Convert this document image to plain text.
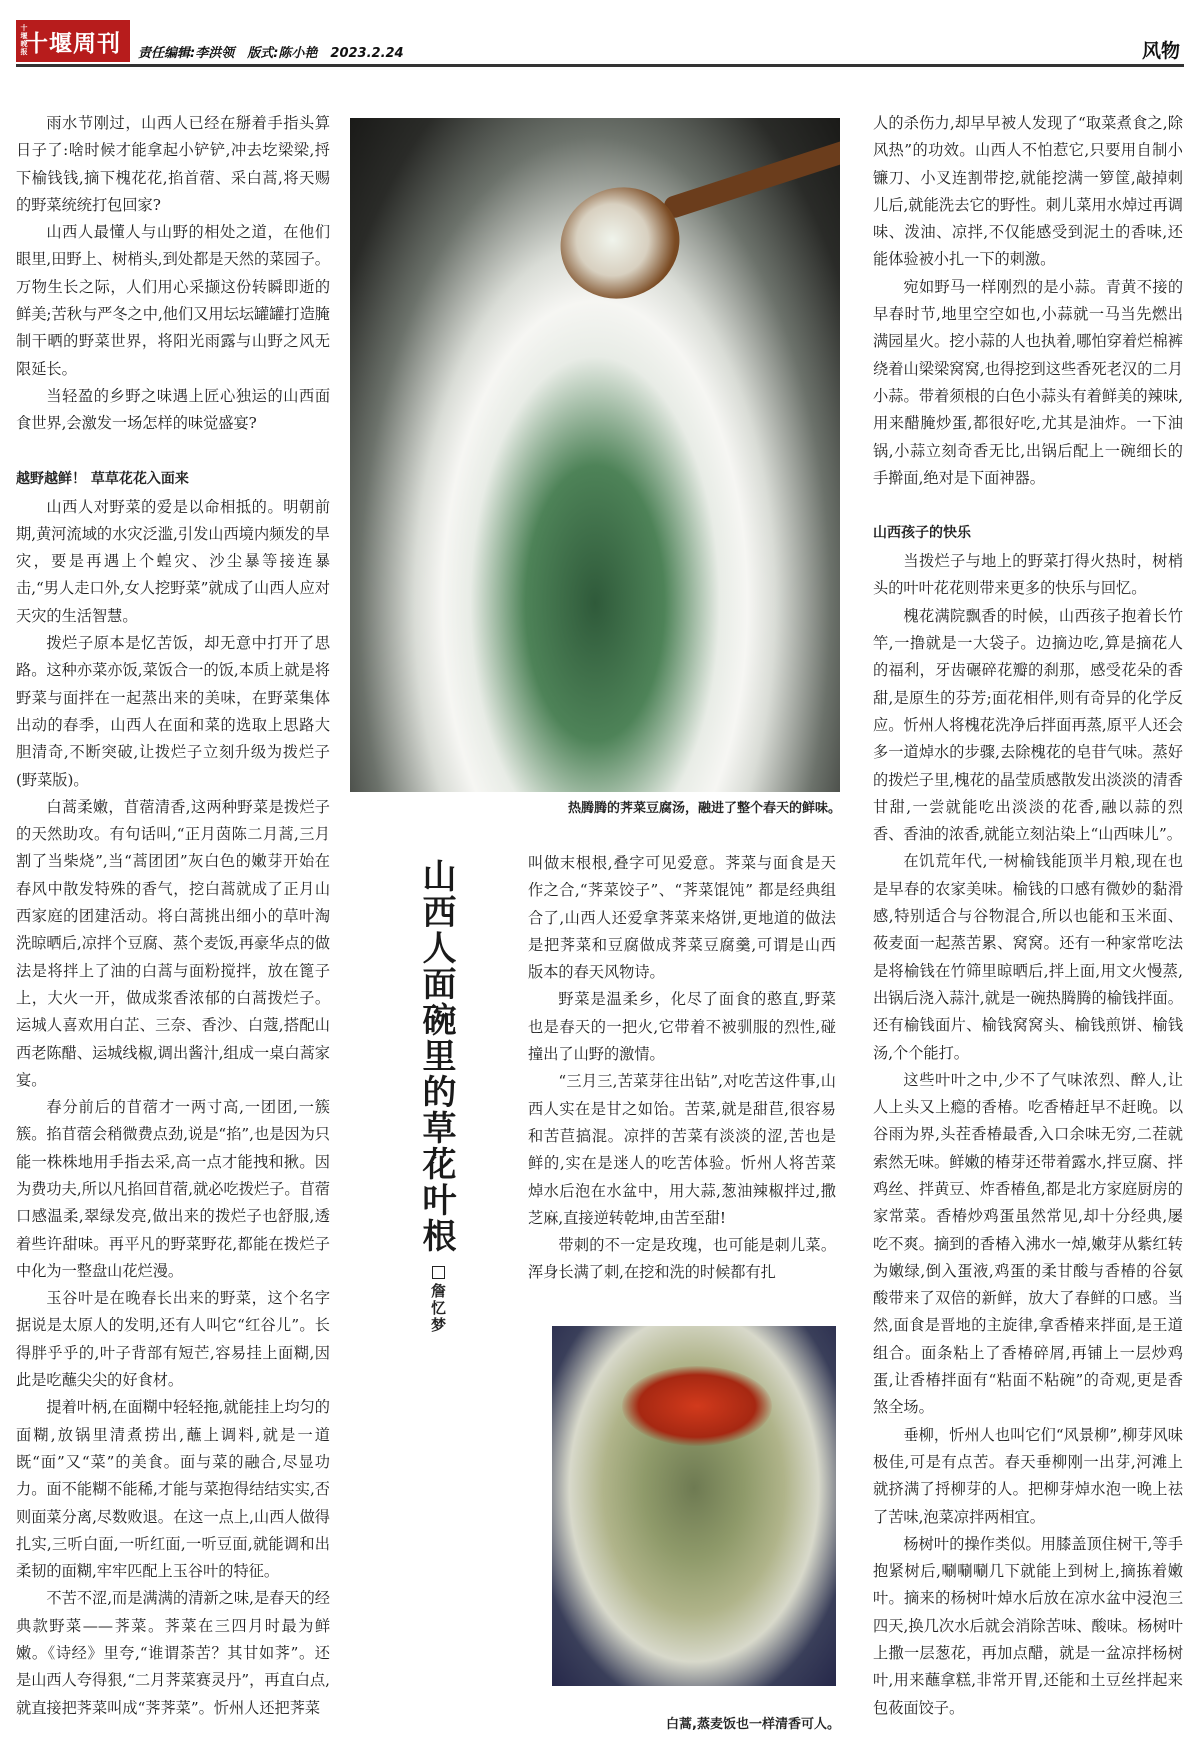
十堰晚报
十堰周刊 责任编辑:李洪领　版式:陈小艳　2023.2.24	风物

雨水节刚过，山西人已经在掰着手指头算日子了:啥时候才能拿起小铲铲,冲去圪梁梁,捋下榆钱钱,摘下槐花花,掐首蓿、采白蒿,将天赐的野菜统统打包回家?

山西人最懂人与山野的相处之道，在他们眼里,田野上、树梢头,到处都是天然的菜园子。万物生长之际，人们用心采撷这份转瞬即逝的鲜美;苦秋与严冬之中,他们又用坛坛罐罐打造腌制干晒的野菜世界，将阳光雨露与山野之风无限延长。

当轻盈的乡野之味遇上匠心独运的山西面食世界,会激发一场怎样的味觉盛宴?

越野越鲜！ 草草花花入面来

山西人对野菜的爱是以命相抵的。明朝前期,黄河流域的水灾泛滥,引发山西境内频发的旱灾，要是再遇上个蝗灾、沙尘暴等接连暴击,“男人走口外,女人挖野菜”就成了山西人应对天灾的生活智慧。

拨烂子原本是忆苦饭，却无意中打开了思路。这种亦菜亦饭,菜饭合一的饭,本质上就是将野菜与面拌在一起蒸出来的美味，在野菜集体出动的春季，山西人在面和菜的选取上思路大胆清奇,不断突破,让拨烂子立刻升级为拨烂子(野菜版)。

白蒿柔嫩，苜蓿清香,这两种野菜是拨烂子的天然助攻。有句话叫,“正月茵陈二月蒿,三月割了当柴烧”,当“蒿团团”灰白色的嫩芽开始在春风中散发特殊的香气，挖白蒿就成了正月山西家庭的团建活动。将白蒿挑出细小的草叶淘洗晾晒后,凉拌个豆腐、蒸个麦饭,再豪华点的做法是将拌上了油的白蒿与面粉搅拌，放在篦子上，大火一开，做成浆香浓郁的白蒿拨烂子。运城人喜欢用白芷、三奈、香沙、白蔻,搭配山西老陈醋、运城线椒,调出酱汁,组成一桌白蒿家宴。

春分前后的苜蓿才一两寸高,一团团,一簇簇。掐苜蓿会稍微费点劲,说是“掐”,也是因为只能一株株地用手指去采,高一点才能拽和揪。因为费功夫,所以凡掐回苜蓿,就必吃拨烂子。苜蓿口感温柔,翠绿发亮,做出来的拨烂子也舒服,透着些许甜味。再平凡的野菜野花,都能在拨烂子中化为一整盘山花烂漫。

玉谷叶是在晚春长出来的野菜，这个名字据说是太原人的发明,还有人叫它“红谷儿”。长得胖乎乎的,叶子背部有短芒,容易挂上面糊,因此是吃蘸尖尖的好食材。

提着叶柄,在面糊中轻轻拖,就能挂上均匀的面糊,放锅里清煮捞出,蘸上调料,就是一道既“面”又“菜”的美食。面与菜的融合,尽显功力。面不能糊不能稀,才能与菜抱得结结实实,否则面菜分离,尽数败退。在这一点上,山西人做得扎实,三听白面,一听红面,一听豆面,就能调和出柔韧的面糊,牢牢匹配上玉谷叶的特征。

不苦不涩,而是满满的清新之味,是春天的经典款野菜——荠菜。荠菜在三四月时最为鲜嫩。《诗经》里夸,“谁谓荼苦？其甘如荠”。还是山西人夸得狠,“二月荠菜赛灵丹”，再直白点,就直接把荠菜叫成“荠荠菜”。忻州人还把荠菜

热腾腾的荠菜豆腐汤，融进了整个春天的鲜味。
山西人面碗里的草花叶根
詹忆梦

叫做末根根,叠字可见爱意。荠菜与面食是天作之合,“荠菜饺子”、“荠菜馄饨” 都是经典组合了,山西人还爱拿荠菜来烙饼,更地道的做法是把荠菜和豆腐做成荠菜豆腐羹,可谓是山西版本的春天风物诗。

野菜是温柔乡，化尽了面食的憨直,野菜也是春天的一把火,它带着不被驯服的烈性,碰撞出了山野的激情。

“三月三,苦菜芽往出钻”,对吃苦这件事,山西人实在是甘之如饴。苦菜,就是甜苣,很容易和苦苣搞混。凉拌的苦菜有淡淡的涩,苦也是鲜的,实在是迷人的吃苦体验。忻州人将苦菜焯水后泡在水盆中，用大蒜,葱油辣椒拌过,撒芝麻,直接逆转乾坤,由苦至甜!

带刺的不一定是玫瑰，也可能是刺儿菜。浑身长满了刺,在挖和洗的时候都有扎

白蒿,蒸麦饭也一样清香可人。

人的杀伤力,却早早被人发现了“取菜煮食之,除风热”的功效。山西人不怕惹它,只要用自制小镰刀、小叉连割带挖,就能挖满一箩筐,敲掉刺儿后,就能洗去它的野性。刺儿菜用水焯过再调味、泼油、凉拌,不仅能感受到泥土的香味,还能体验被小扎一下的刺激。

宛如野马一样刚烈的是小蒜。青黄不接的早春时节,地里空空如也,小蒜就一马当先燃出满园星火。挖小蒜的人也执着,哪怕穿着烂棉裤绕着山梁梁窝窝,也得挖到这些香死老汉的二月小蒜。带着须根的白色小蒜头有着鲜美的辣味,用来醋腌炒蛋,都很好吃,尤其是油炸。一下油锅,小蒜立刻奇香无比,出锅后配上一碗细长的手擀面,绝对是下面神器。

山西孩子的快乐

当拨烂子与地上的野菜打得火热时，树梢头的叶叶花花则带来更多的快乐与回忆。

槐花满院飘香的时候，山西孩子抱着长竹竿,一撸就是一大袋子。边摘边吃,算是摘花人的福利，牙齿碾碎花瓣的刹那，感受花朵的香甜,是原生的芬芳;面花相伴,则有奇异的化学反应。忻州人将槐花洗净后拌面再蒸,原平人还会多一道焯水的步骤,去除槐花的皂苷气味。蒸好的拨烂子里,槐花的晶莹质感散发出淡淡的清香甘甜,一尝就能吃出淡淡的花香,融以蒜的烈香、香油的浓香,就能立刻沾染上“山西味儿”。

在饥荒年代,一树榆钱能顶半月粮,现在也是早春的农家美味。榆钱的口感有微妙的黏滑感,特别适合与谷物混合,所以也能和玉米面、莜麦面一起蒸苦累、窝窝。还有一种家常吃法是将榆钱在竹筛里晾晒后,拌上面,用文火慢蒸,出锅后浇入蒜汁,就是一碗热腾腾的榆钱拌面。还有榆钱面片、榆钱窝窝头、榆钱煎饼、榆钱汤,个个能打。

这些叶叶之中,少不了气味浓烈、醉人,让人上头又上瘾的香椿。吃香椿赶早不赶晚。以谷雨为界,头茬香椿最香,入口余味无穷,二茬就索然无味。鲜嫩的椿芽还带着露水,拌豆腐、拌鸡丝、拌黄豆、炸香椿鱼,都是北方家庭厨房的家常菜。香椿炒鸡蛋虽然常见,却十分经典,屡吃不爽。摘到的香椿入沸水一焯,嫩芽从紫红转为嫩绿,倒入蛋液,鸡蛋的柔甘酸与香椿的谷氨酸带来了双倍的新鲜，放大了春鲜的口感。当然,面食是晋地的主旋律,拿香椿来拌面,是王道组合。面条粘上了香椿碎屑,再铺上一层炒鸡蛋,让香椿拌面有“粘面不粘碗”的奇观,更是香煞全场。

垂柳，忻州人也叫它们“风景柳”,柳芽风味极佳,可是有点苦。春天垂柳刚一出芽,河滩上就挤满了捋柳芽的人。把柳芽焯水泡一晚上祛了苦味,泡菜凉拌两相宜。

杨树叶的操作类似。用膝盖顶住树干,等手抱紧树后,唰唰唰几下就能上到树上,摘拣着嫩叶。摘来的杨树叶焯水后放在凉水盆中浸泡三四天,换几次水后就会消除苦味、酸味。杨树叶上撒一层葱花，再加点醋，就是一盆凉拌杨树叶,用来蘸拿糕,非常开胃,还能和土豆丝拌起来包莜面饺子。
